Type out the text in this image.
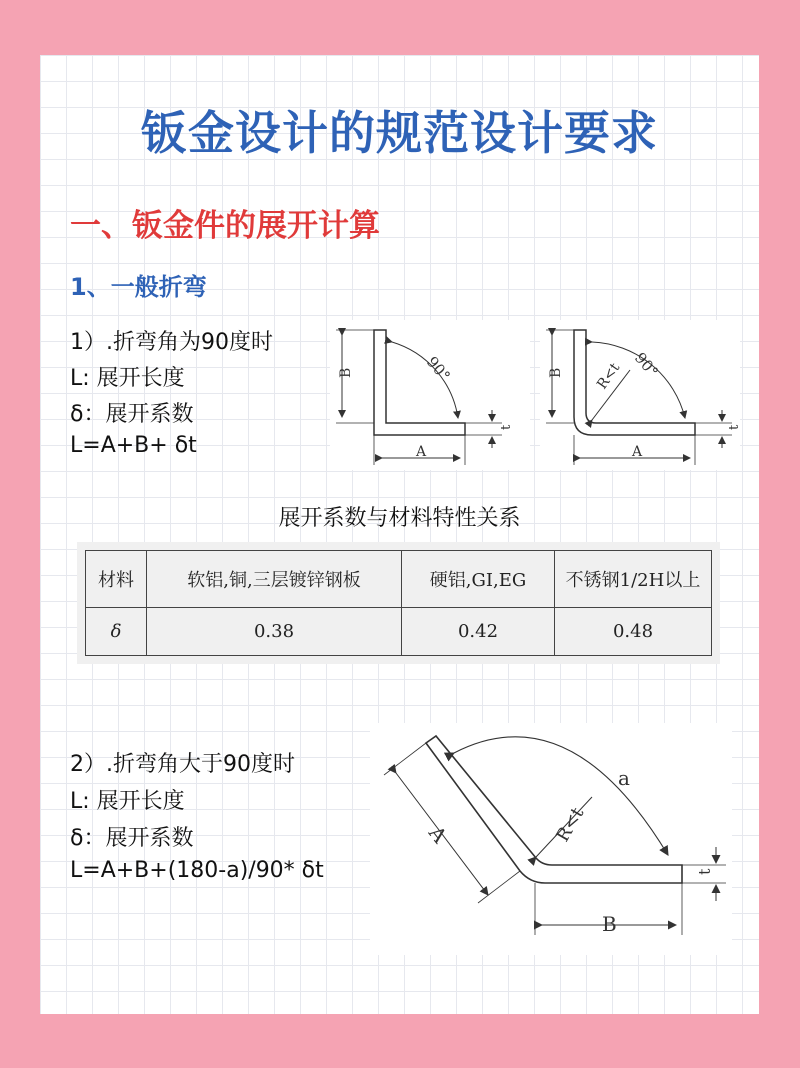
钣金设计的规范设计要求
一、钣金件的展开计算
1、一般折弯
1）.折弯角为90度时
L: 展开长度
δ：展开系数
L=A+B+ δt
B
A
90°
t
B
A
90°
R<t
t
展开系数与材料特性关系
材料	软铝,铜,三层镀锌钢板	硬铝,GI,EG	不锈钢1/2H以上
δ	0.38	0.42	0.48
2）.折弯角大于90度时
L: 展开长度
δ：展开系数
L=A+B+(180-a)/90* δt
A
B
a
R<t
t
